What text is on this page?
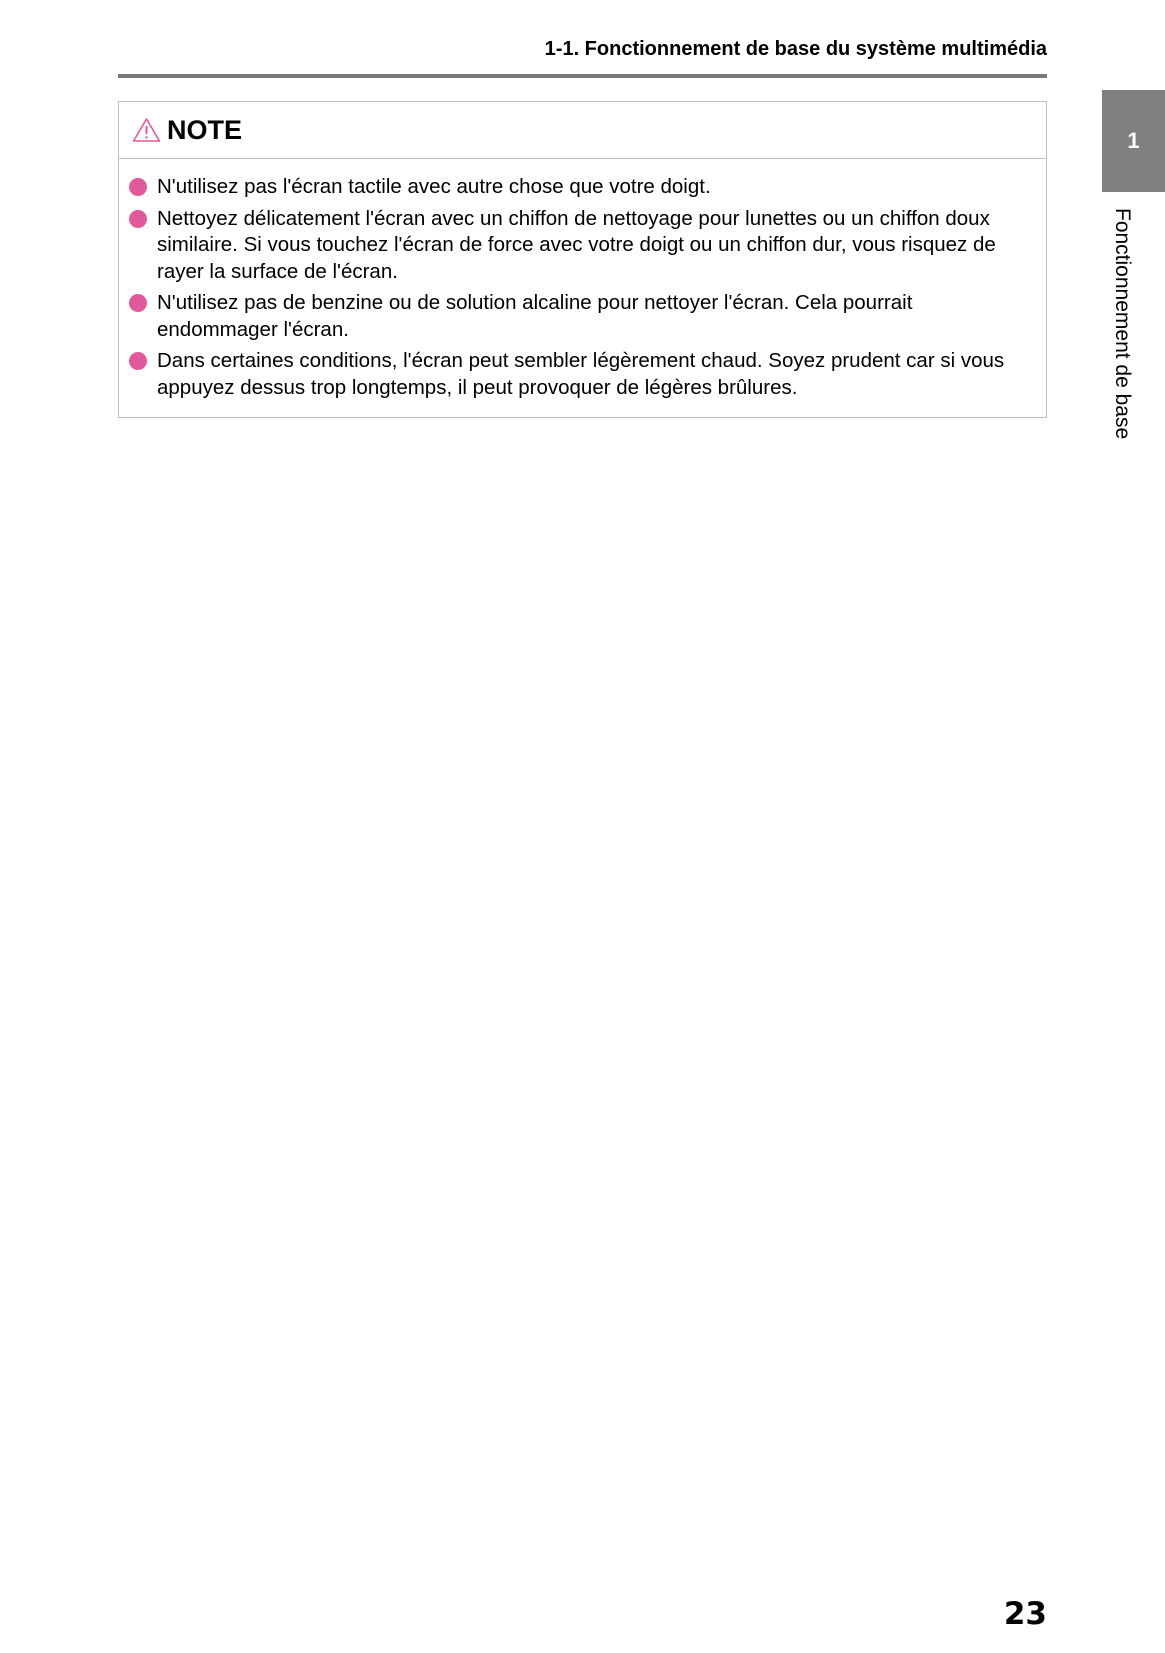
1-1. Fonctionnement de base du système multimédia
NOTE
N'utilisez pas l'écran tactile avec autre chose que votre doigt.
Nettoyez délicatement l'écran avec un chiffon de nettoyage pour lunettes ou un chiffon doux similaire. Si vous touchez l'écran de force avec votre doigt ou un chiffon dur, vous risquez de rayer la surface de l'écran.
N'utilisez pas de benzine ou de solution alcaline pour nettoyer l'écran. Cela pourrait endommager l'écran.
Dans certaines conditions, l'écran peut sembler légèrement chaud. Soyez prudent car si vous appuyez dessus trop longtemps, il peut provoquer de légères brûlures.
1
Fonctionnement de base
23
